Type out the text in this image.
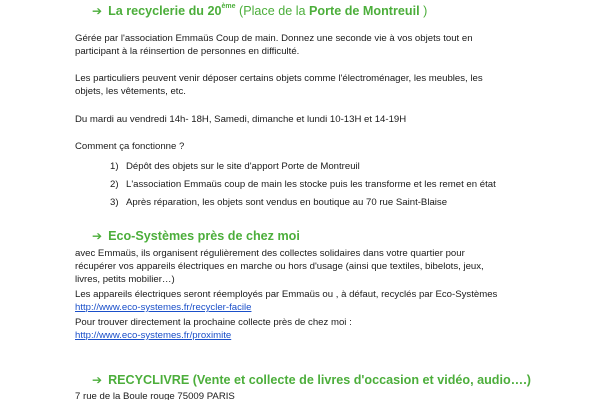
➔ La recyclerie du 20ème (Place de la Porte de Montreuil )

Gérée par l'association Emmaüs Coup de main. Donnez une seconde vie à vos objets tout en

participant à la réinsertion de personnes en difficulté.

Les particuliers peuvent venir déposer certains objets comme l'électroménager, les meubles, les

objets, les vêtements, etc.

Du mardi au vendredi 14h- 18H, Samedi, dimanche et lundi 10-13H et 14-19H

Comment ça fonctionne ?

1) Dépôt des objets sur le site d'apport Porte de Montreuil
2) L'association Emmaüs coup de main les stocke puis les transforme et les remet en état
3) Après réparation, les objets sont vendus en boutique au 70 rue Saint-Blaise
➔ Eco-Systèmes près de chez moi
avec Emmaüs, ils organisent régulièrement des collectes solidaires dans votre quartier pour
récupérer vos appareils électriques en marche ou hors d'usage (ainsi que textiles, bibelots, jeux,
livres, petits mobilier…)
Les appareils électriques seront réemployés par Emmaüs ou , à défaut, recyclés par Eco-Systèmes
http://www.eco-systemes.fr/recycler-facile
Pour trouver directement la prochaine collecte près de chez moi :
http://www.eco-systemes.fr/proximite
➔ RECYCLIVRE (Vente et collecte de livres d'occasion et vidéo, audio….)

7 rue de la Boule rouge 75009 PARIS
